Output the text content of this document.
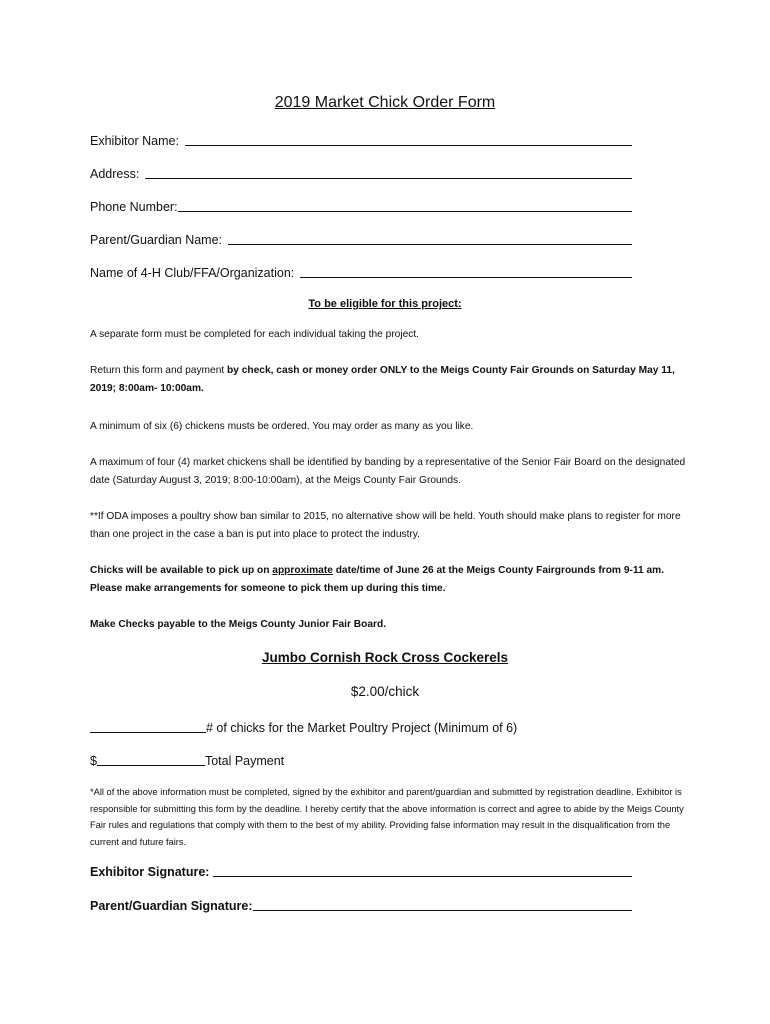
2019 Market Chick Order Form
Exhibitor Name:
Address:
Phone Number:
Parent/Guardian Name:
Name of 4-H Club/FFA/Organization:
To be eligible for this project:
A separate form must be completed for each individual taking the project.
Return this form and payment by check, cash or money order ONLY to the Meigs County Fair Grounds on Saturday May 11, 2019; 8:00am- 10:00am.
A minimum of six (6) chickens musts be ordered. You may order as many as you like.
A maximum of four (4) market chickens shall be identified by banding by a representative of the Senior Fair Board on the designated date (Saturday August 3, 2019; 8:00-10:00am), at the Meigs County Fair Grounds.
**If ODA imposes a poultry show ban similar to 2015, no alternative show will be held. Youth should make plans to register for more than one project in the case a ban is put into place to protect the industry.
Chicks will be available to pick up on approximate date/time of June 26 at the Meigs County Fairgrounds from 9-11 am. Please make arrangements for someone to pick them up during this time.
Make Checks payable to the Meigs County Junior Fair Board.
Jumbo Cornish Rock Cross Cockerels
$2.00/chick
# of chicks for the Market Poultry Project (Minimum of 6)
$	Total Payment
*All of the above information must be completed, signed by the exhibitor and parent/guardian and submitted by registration deadline. Exhibitor is responsible for submitting this form by the deadline. I hereby certify that the above information is correct and agree to abide by the Meigs County Fair rules and regulations that comply with them to the best of my ability. Providing false information may result in the disqualification from the current and future fairs.
Exhibitor Signature:
Parent/Guardian Signature:
